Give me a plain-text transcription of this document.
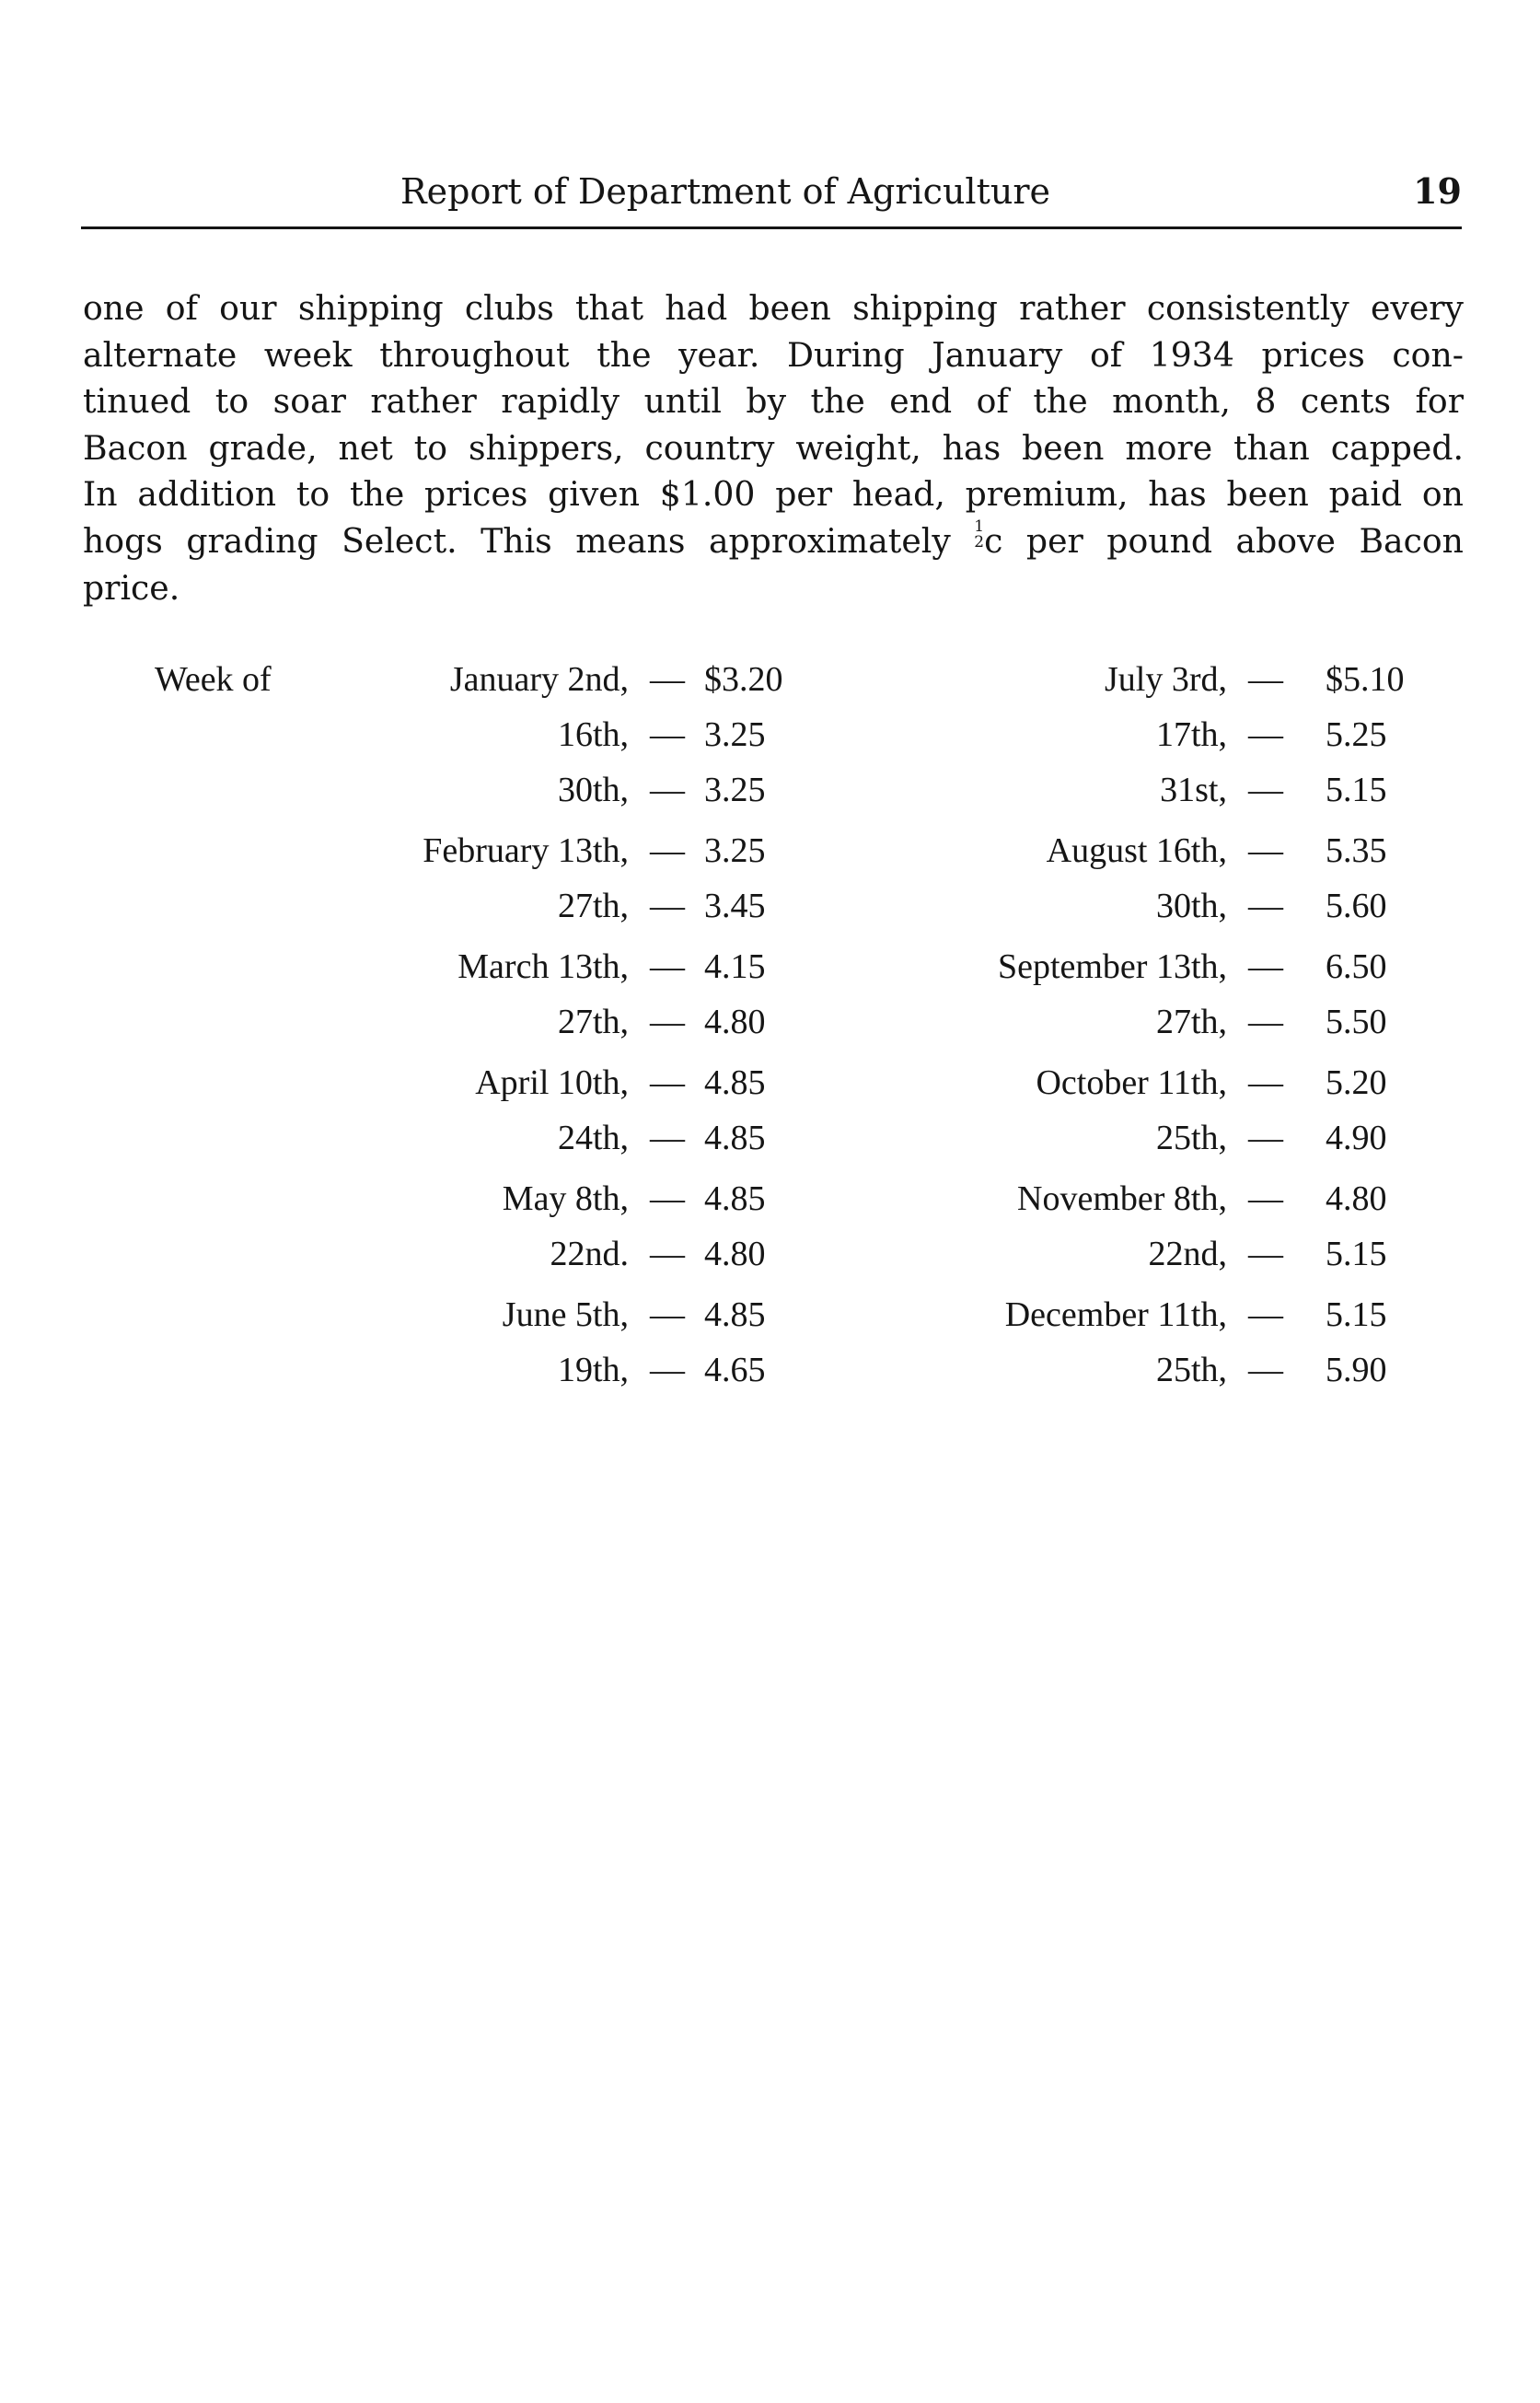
Report of Department of Agriculture	19
one of our shipping clubs that had been shipping rather consistently every
alternate week throughout the year. During January of 1934 prices con-
tinued to soar rather rapidly until by the end of the month, 8 cents for
Bacon grade, net to shippers, country weight, has been more than capped.
In addition to the prices given $1.00 per head, premium, has been paid on
hogs grading Select. This means approximately 1
2 c per pound above Bacon
price.
Week of	January 2nd, — $3.20	July 3rd, — $5.10
16th, — 3.25	17th, — 5.25
30th, — 3.25	31st, — 5.15
February 13th, — 3.25	August 16th, — 5.35
27th, — 3.45	30th, — 5.60
March 13th, — 4.15	September 13th, — 6.50
27th, — 4.80	27th, — 5.50
April 10th, — 4.85	October 11th, — 5.20
24th, — 4.85	25th, — 4.90
May 8th, — 4.85	November 8th, — 4.80
22nd. — 4.80	22nd, — 5.15
June 5th, — 4.85	December 11th, — 5.15
19th, — 4.65	25th, — 5.90
